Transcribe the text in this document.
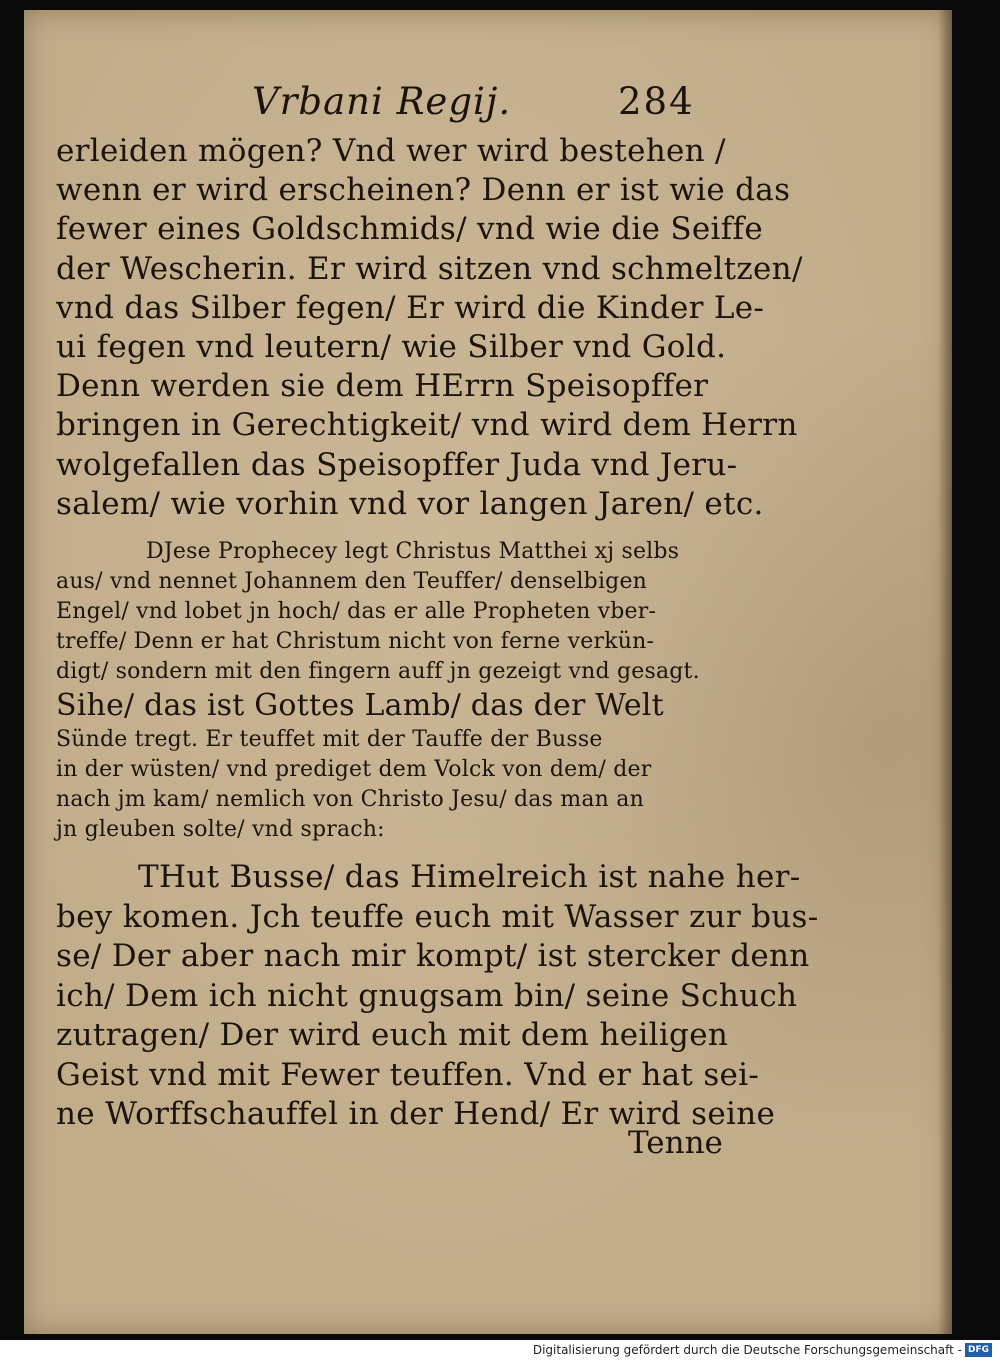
Vrbani Regij.	284
erleiden mögen? Vnd wer wird bestehen /
wenn er wird erscheinen? Denn er ist wie das
fewer eines Goldschmids/ vnd wie die Seiffe
der Wescherin. Er wird sitzen vnd schmeltzen/
vnd das Silber fegen/ Er wird die Kinder Le-
ui fegen vnd leutern/ wie Silber vnd Gold.
Denn werden sie dem HErrn Speisopffer
bringen in Gerechtigkeit/ vnd wird dem Herrn
wolgefallen das Speisopffer Juda vnd Jeru-
salem/ wie vorhin vnd vor langen Jaren/ etc.
DJese Prophecey legt Christus Matthei xj selbs
aus/ vnd nennet Johannem den Teuffer/ denselbigen
Engel/ vnd lobet jn hoch/ das er alle Propheten vber-
treffe/ Denn er hat Christum nicht von ferne verkün-
digt/ sondern mit den fingern auff jn gezeigt vnd gesagt.
Sihe/ das ist Gottes Lamb/ das der Welt
Sünde tregt. Er teuffet mit der Tauffe der Busse
in der wüsten/ vnd prediget dem Volck von dem/ der
nach jm kam/ nemlich von Christo Jesu/ das man an
jn gleuben solte/ vnd sprach:
THut Busse/ das Himelreich ist nahe her-
bey komen. Jch teuffe euch mit Wasser zur bus-
se/ Der aber nach mir kompt/ ist stercker denn
ich/ Dem ich nicht gnugsam bin/ seine Schuch
zutragen/ Der wird euch mit dem heiligen
Geist vnd mit Fewer teuffen. Vnd er hat sei-
ne Worffschauffel in der Hend/ Er wird seine
Tenne
Digitalisierung gefördert durch die Deutsche Forschungsgemeinschaft - DFG
